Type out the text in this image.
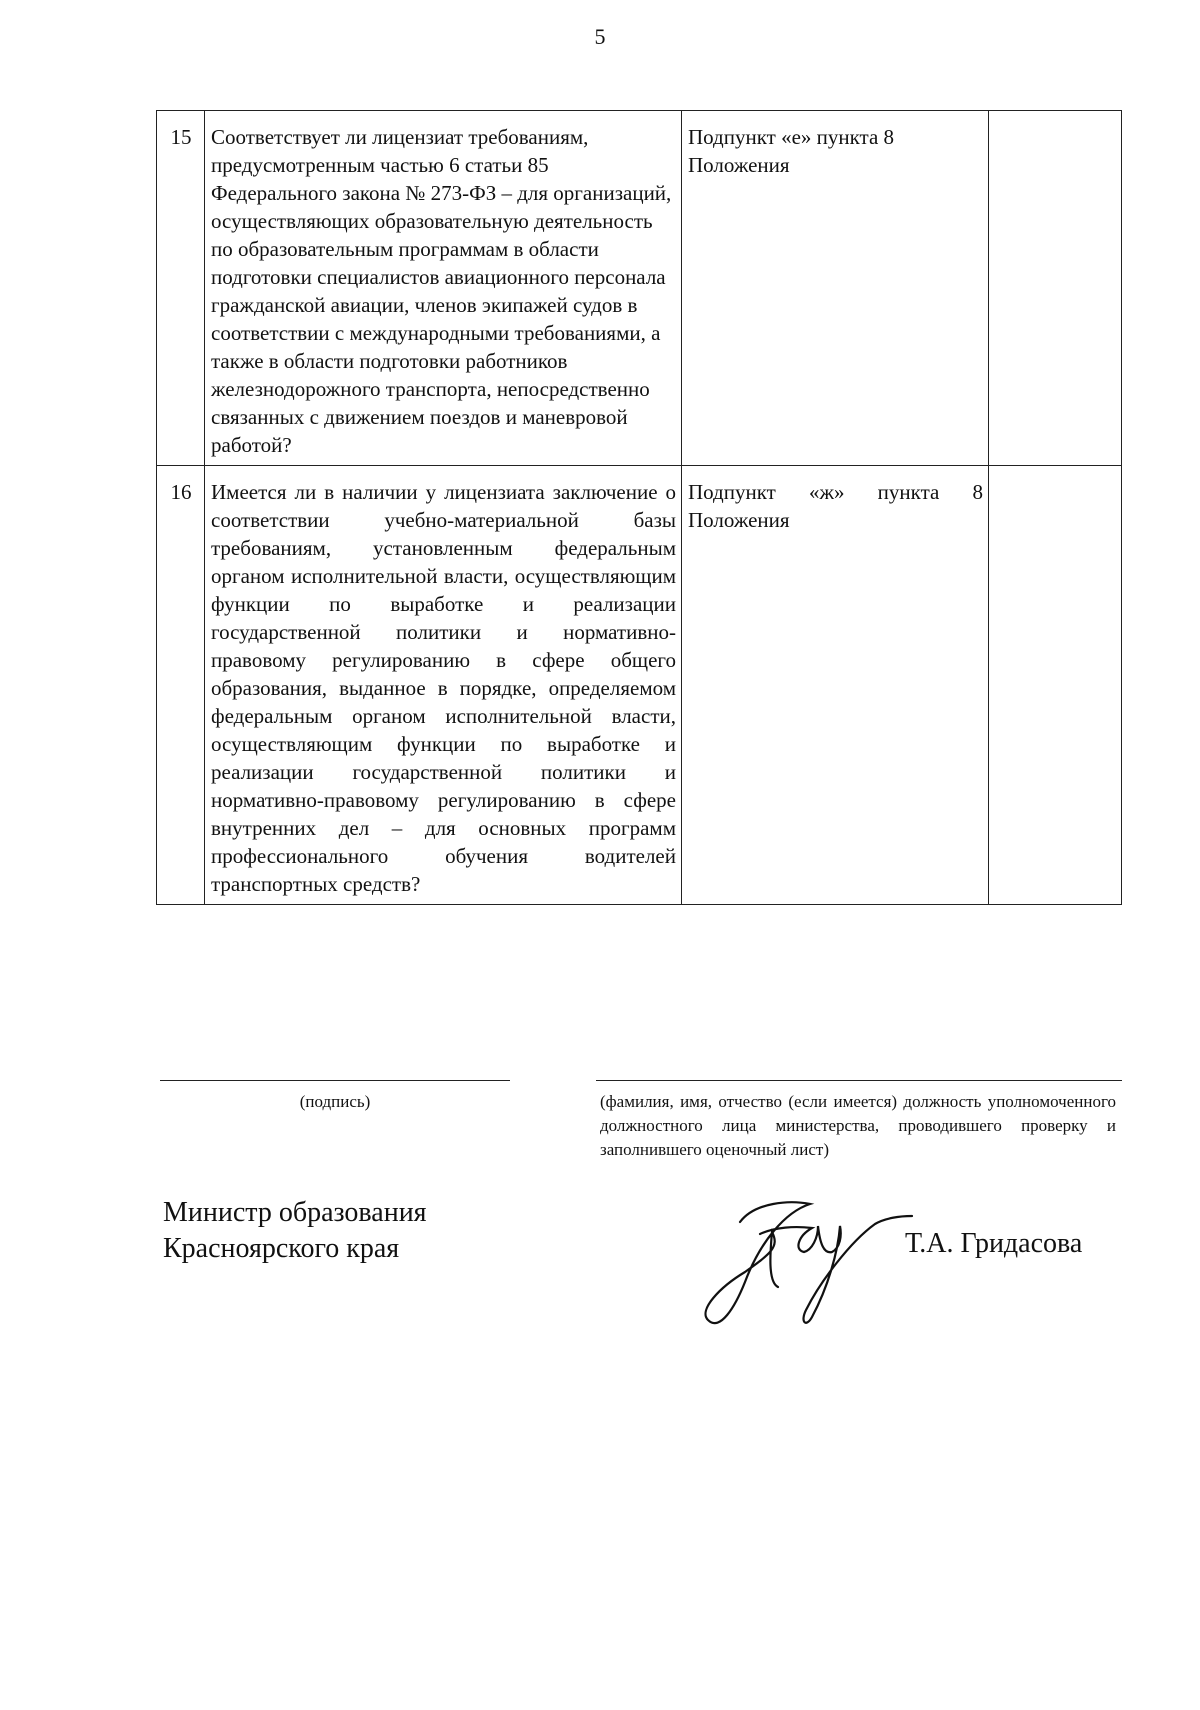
5
15	Соответствует ли лицензиат требованиям, предусмотренным частью 6 статьи 85 Федерального закона № 273-ФЗ – для организаций, осуществляющих образовательную деятельность по образовательным программам в области подготовки специалистов авиационного персонала гражданской авиации, членов экипажей судов в соответствии с международными требованиями, а также в области подготовки работников железнодорожного транспорта, непосредственно связанных с движением поездов и маневровой работой?	Подпункт «е» пункта 8 Положения	
16	Имеется ли в наличии у лицензиата заключение о соответствии учебно-материальной базы требованиям, установленным федеральным органом исполнительной власти, осуществляющим функции по выработке и реализации государственной политики и нормативно-правовому регулированию в сфере общего образования, выданное в порядке, определяемом федеральным органом исполнительной власти, осуществляющим функции по выработке и реализации государственной политики и нормативно-правовому регулированию в сфере внутренних дел – для основных программ профессионального обучения водителей транспортных средств?	Подпункт «ж» пункта 8 Положения	
(подпись)	(фамилия, имя, отчество (если имеется) должность уполномоченного должностного лица министерства, проводившего проверку и заполнившего оценочный лист)
Министр образования
Красноярского края	Т.А. Гридасова
